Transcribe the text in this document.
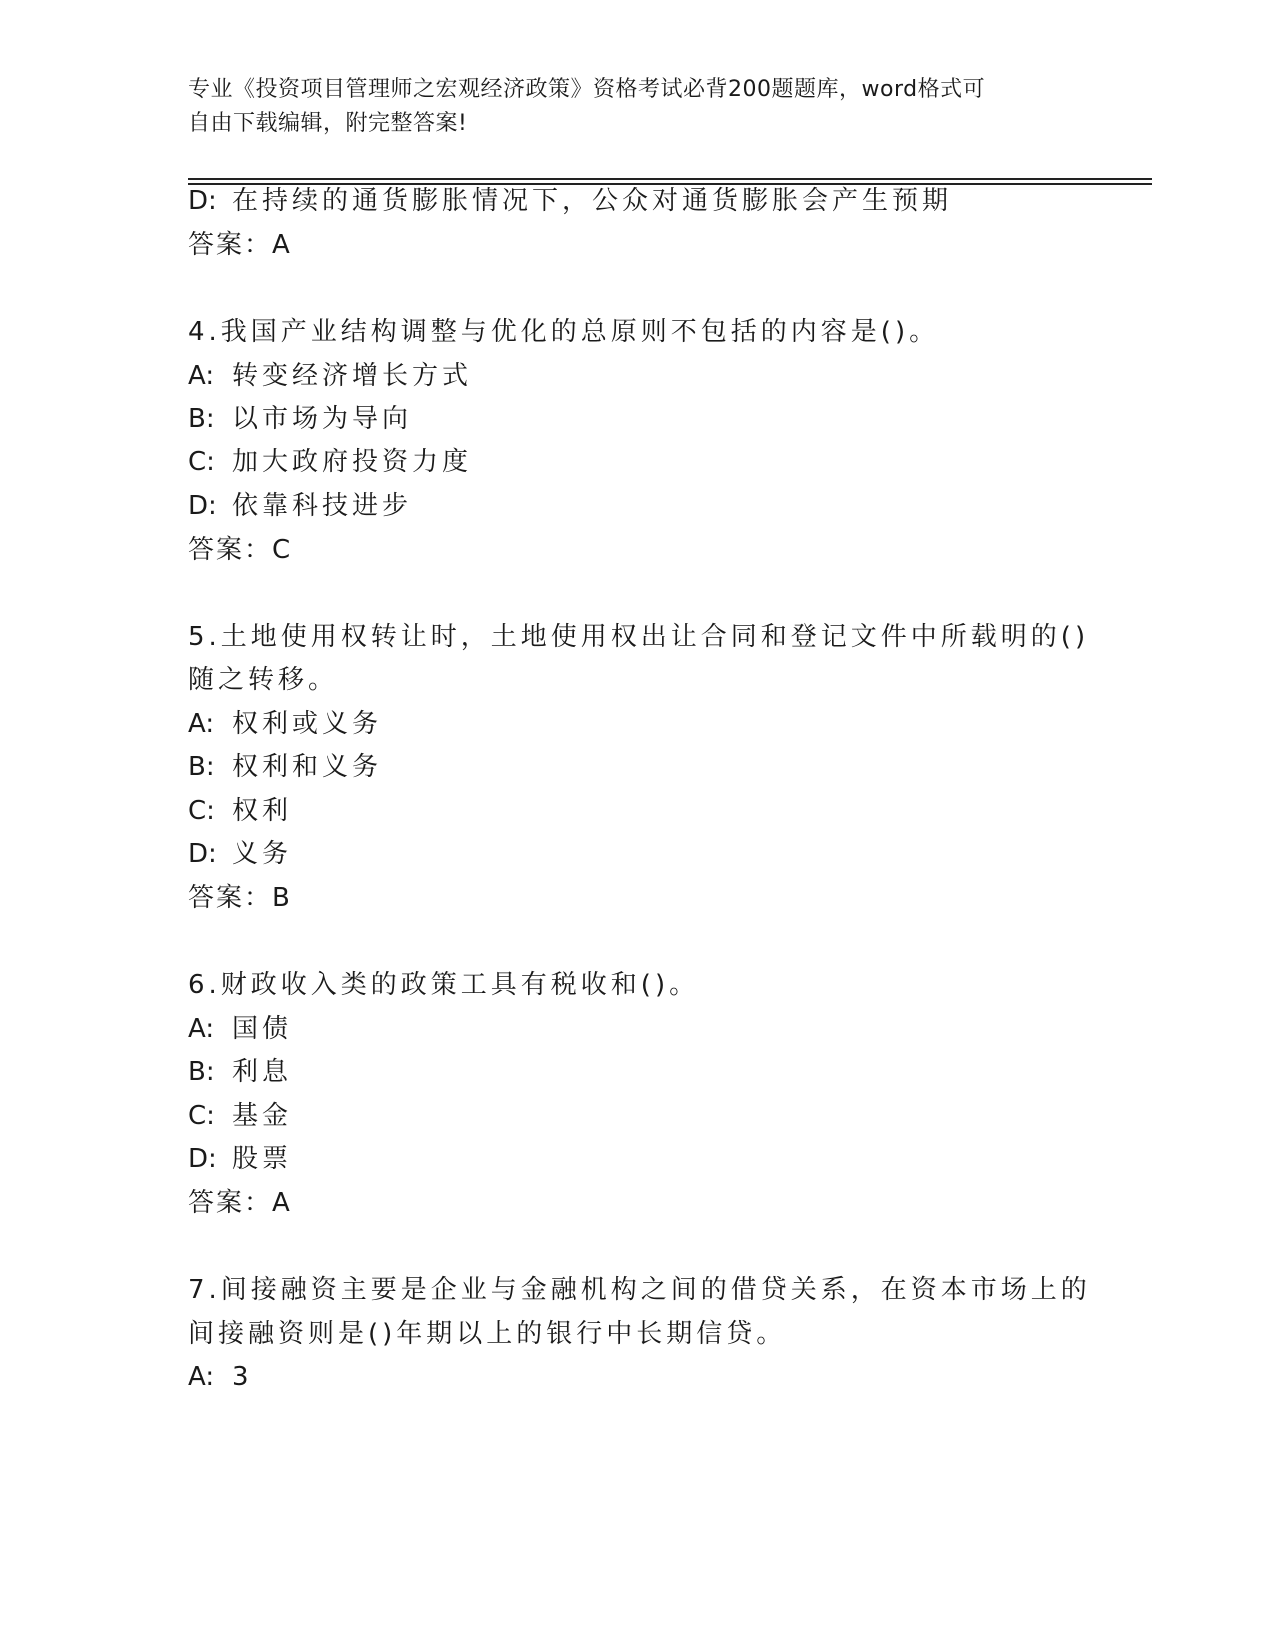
专业《投资项目管理师之宏观经济政策》资格考试必背200题题库，word格式可
自由下载编辑，附完整答案!
D: 在持续的通货膨胀情况下，公众对通货膨胀会产生预期
答案：A
4.我国产业结构调整与优化的总原则不包括的内容是()。
A: 转变经济增长方式
B: 以市场为导向
C: 加大政府投资力度
D: 依靠科技进步
答案：C
5.土地使用权转让时，土地使用权出让合同和登记文件中所载明的()
随之转移。
A: 权利或义务
B: 权利和义务
C: 权利
D: 义务
答案：B
6.财政收入类的政策工具有税收和()。
A: 国债
B: 利息
C: 基金
D: 股票
答案：A
7.间接融资主要是企业与金融机构之间的借贷关系，在资本市场上的
间接融资则是()年期以上的银行中长期信贷。
A: 3
